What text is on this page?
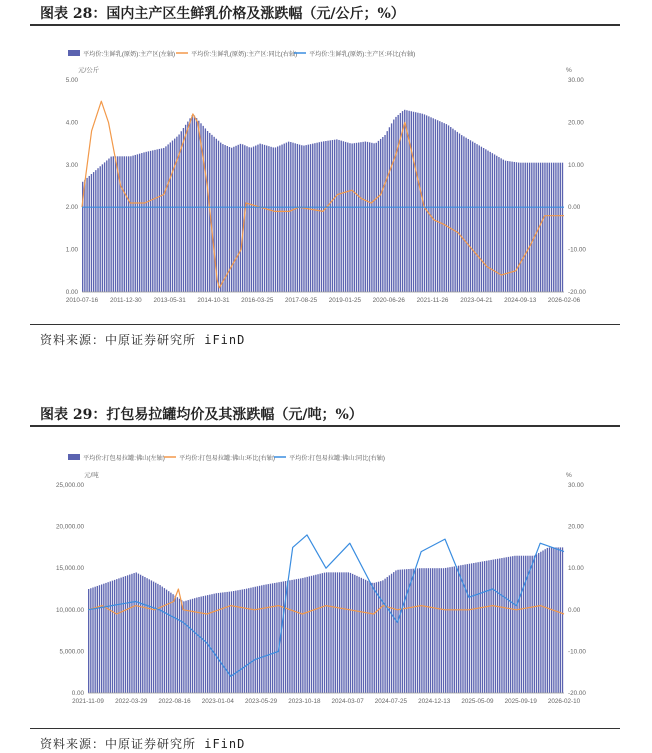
图表 28：国内主产区生鲜乳价格及涨跌幅（元/公斤；%）
平均价:生鲜乳(原奶):主产区(左轴)	平均价:生鲜乳(原奶):主产区:同比(右轴) 平均价:生鲜乳(原奶):主产区:环比(右轴)
元/公斤	%
0.00
1.00
2.00
3.00
4.00
5.00
-20.00
-10.00
0.00
10.00
20.00
30.00
2010-07-16 2011-12-30 2013-05-31 2014-10-31 2016-03-25 2017-08-25 2019-01-25 2020-06-26 2021-11-26 2023-04-21 2024-09-13 2026-02-06
资料来源：中原证券研究所 iFinD
图表 29：打包易拉罐均价及其涨跌幅（元/吨；%）
平均价:打包易拉罐:佛山(左轴) 平均价:打包易拉罐:佛山:环比(右轴) 平均价:打包易拉罐:佛山:同比(右轴)
元/吨	%
0.00
5,000.00
10,000.00
15,000.00
20,000.00
25,000.00
-20.00
-10.00
0.00
10.00
20.00
30.00
2021-11-09 2022-03-29 2022-08-16 2023-01-04 2023-05-29 2023-10-18 2024-03-07 2024-07-25 2024-12-13 2025-05-09 2025-09-19 2026-02-10
资料来源：中原证券研究所 iFinD
